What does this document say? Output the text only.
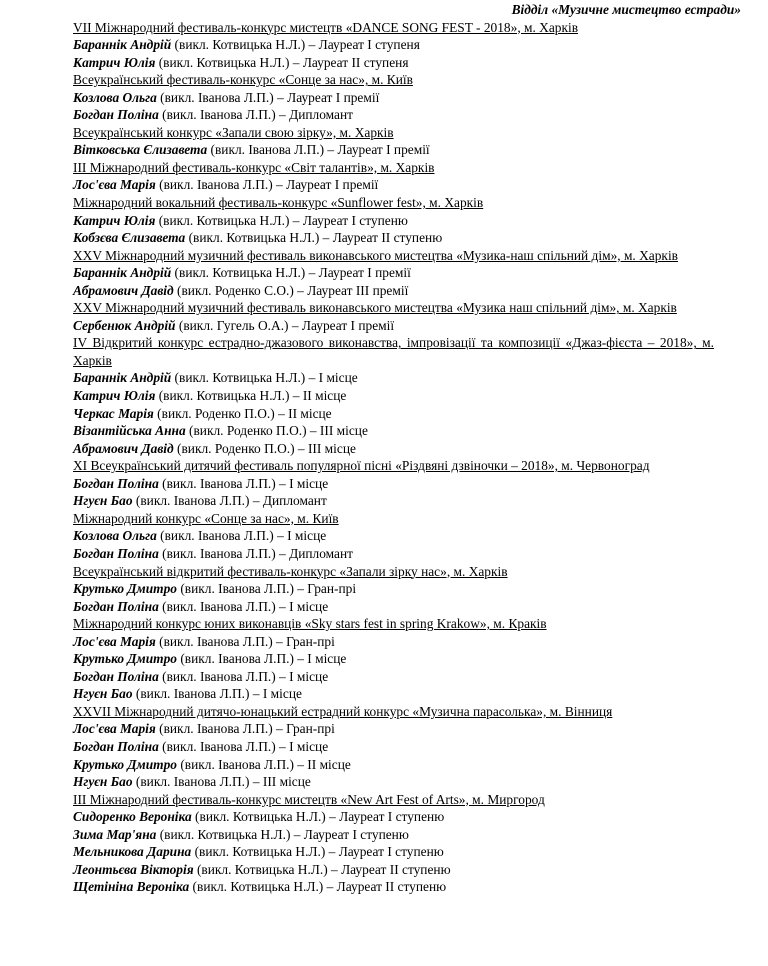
Відділ «Музичне мистецтво естради»
VII Міжнародний фестиваль-конкурс мистецтв «DANCE SONG FEST - 2018», м. Харків
Бараннік Андрій (викл. Котвицька Н.Л.) – Лауреат І ступеня
Катрич Юлія (викл. Котвицька Н.Л.) – Лауреат ІІ ступеня
Всеукраїнський фестиваль-конкурс «Сонце за нас», м. Київ
Козлова Ольга (викл. Іванова Л.П.) – Лауреат І премії
Богдан Поліна (викл. Іванова Л.П.) – Дипломант
Всеукраїнський конкурс «Запали свою зірку», м. Харків
Вітковська Єлизавета (викл. Іванова Л.П.) – Лауреат І премії
ІІІ Міжнародний фестиваль-конкурс «Світ талантів», м. Харків
Лос'єва Марія (викл. Іванова Л.П.) – Лауреат І премії
Міжнародний вокальний фестиваль-конкурс «Sunflower fest», м. Харків
Катрич Юлія (викл. Котвицька Н.Л.) – Лауреат І ступеню
Кобзєва Єлизавета (викл. Котвицька Н.Л.) – Лауреат ІІ ступеню
XXV Міжнародний музичний фестиваль виконавського мистецтва «Музика-наш спільний дім», м. Харків
Бараннік Андрій (викл. Котвицька Н.Л.) – Лауреат І премії
Абрамович Давід (викл. Роденко С.О.) – Лауреат ІІІ премії
XXV Міжнародний музичний фестиваль виконавського мистецтва «Музика наш спільний дім», м. Харків
Сербенюк Андрій (викл. Гугель О.А.) – Лауреат І премії
IV Відкритий конкурс естрадно-джазового виконавства, імпровізації та композиції «Джаз-фієста – 2018», м. Харків
Бараннік Андрій (викл. Котвицька Н.Л.) – І місце
Катрич Юлія (викл. Котвицька Н.Л.) – ІІ місце
Черкас Марія (викл. Роденко П.О.) – ІІ місце
Візантійська Анна (викл. Роденко П.О.) – ІІІ місце
Абрамович Давід (викл. Роденко П.О.) – ІІІ місце
XI Всеукраїнський дитячий фестиваль популярної пісні «Різдвяні дзвіночки – 2018», м. Червоноград
Богдан Поліна (викл. Іванова Л.П.) – І місце
Нгуєн Бао (викл. Іванова Л.П.) – Дипломант
Міжнародний конкурс «Сонце за нас», м. Київ
Козлова Ольга (викл. Іванова Л.П.) – І місце
Богдан Поліна (викл. Іванова Л.П.) – Дипломант
Всеукраїнський відкритий фестиваль-конкурс «Запали зірку нас», м. Харків
Крутько Дмитро (викл. Іванова Л.П.) – Гран-прі
Богдан Поліна (викл. Іванова Л.П.) – І місце
Міжнародний конкурс юних виконавців «Sky stars fest in spring Krakow», м. Краків
Лос'єва Марія (викл. Іванова Л.П.) – Гран-прі
Крутько Дмитро (викл. Іванова Л.П.) – І місце
Богдан Поліна (викл. Іванова Л.П.) – І місце
Нгуєн Бао (викл. Іванова Л.П.) – І місце
XXVII Міжнародний дитячо-юнацький естрадний конкурс «Музична парасолька», м. Вінниця
Лос'єва Марія (викл. Іванова Л.П.) – Гран-прі
Богдан Поліна (викл. Іванова Л.П.) – І місце
Крутько Дмитро (викл. Іванова Л.П.) – ІІ місце
Нгуєн Бао (викл. Іванова Л.П.) – ІІІ місце
ІІІ Міжнародний фестиваль-конкурс мистецтв «New Art Fest of Arts», м. Миргород
Сидоренко Вероніка (викл. Котвицька Н.Л.) – Лауреат І ступеню
Зима Мар'яна (викл. Котвицька Н.Л.) – Лауреат І ступеню
Мельникова Дарина (викл. Котвицька Н.Л.) – Лауреат І ступеню
Леонтьєва Вікторія (викл. Котвицька Н.Л.) – Лауреат ІІ ступеню
Щетініна Вероніка (викл. Котвицька Н.Л.) – Лауреат ІІ ступеню
